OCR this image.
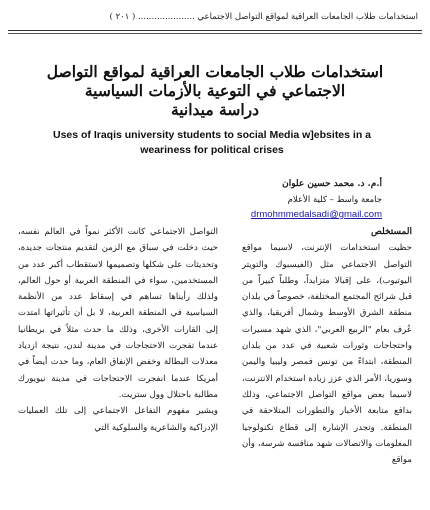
استخدامات طلاب الجامعات العراقية لمواقع التواصل الاجتماعي ..................... ( ٢٠١ )

استخدامات طلاب الجامعات العراقية لمواقع التواصل

الاجتماعي في التوعية بالأزمات السياسية

دراسة ميدانية

Uses of Iraqis university students to social Media w]ebsites in a weariness for political crises
أ.م. د. محمد حسين علوان
جامعة واسط – كلية الأعلام
drmohmmedalsadi@gmail.com

المستخلص

حظيت استخدامات الإنترنت، لاسيما مواقع التواصل الاجتماعي مثل (الفيسبوك والتويتر اليوتيوب)، على إقبالا متزايداً، وطلباً كبيراً من قبل شرائح المجتمع المختلفة، خصوصاً في بلدان منطقة الشرق الأوسط وشمال أفريقيا، والذي عُرف بعام "الربيع العربي"، الذي شهد مسيرات واحتجاجات وثورات شعبية في عدد من بلدان المنطقة، ابتداءً من تونس فمصر وليبيا واليمن وسوريا، الأمر الذي عزز زيادة استخدام الانترنت، لاسيما بعض مواقع التواصل الاجتماعي، وذلك بدافع متابعة الأخبار والتطورات المتلاحقة في المنطقة. وتجدر الإشارة إلى قطاع تكنولوجيا المعلومات والاتصالات شهد منافسة شرسة، وأن مواقع

التواصل الاجتماعي كانت الأكثر نمواً في العالم نفسه، حيث دخلت في سباق مع الزمن لتقديم منتجات جديدة، وتحديثات على شكلها وتصميمها لاستقطاب أكبر عدد من المستخدمين، سواء في المنطقة العربية أو حول العالم، ولذلك رأيناها تساهم في إسقاط عدد من الأنظمة السياسية في المنطقة العربية، لا بل أن تأثيراتها امتدت إلى القارات الأخرى، وذلك ما حدث مثلاً في بريطانيا عندما تفجرت الاحتجاجات في مدينة لندن، نتيجة ازدياد معدلات البطالة وخفض الإنفاق العام، وما حدث أيضاً في أمريكا عندما انفجرت الاحتجاجات في مدينة نيويورك مطالبة باحتلال وول ستريت.

ويشير مفهوم التفاعل الاجتماعي إلى تلك العمليات الإدراكية والشاعرية والسلوكية التي
